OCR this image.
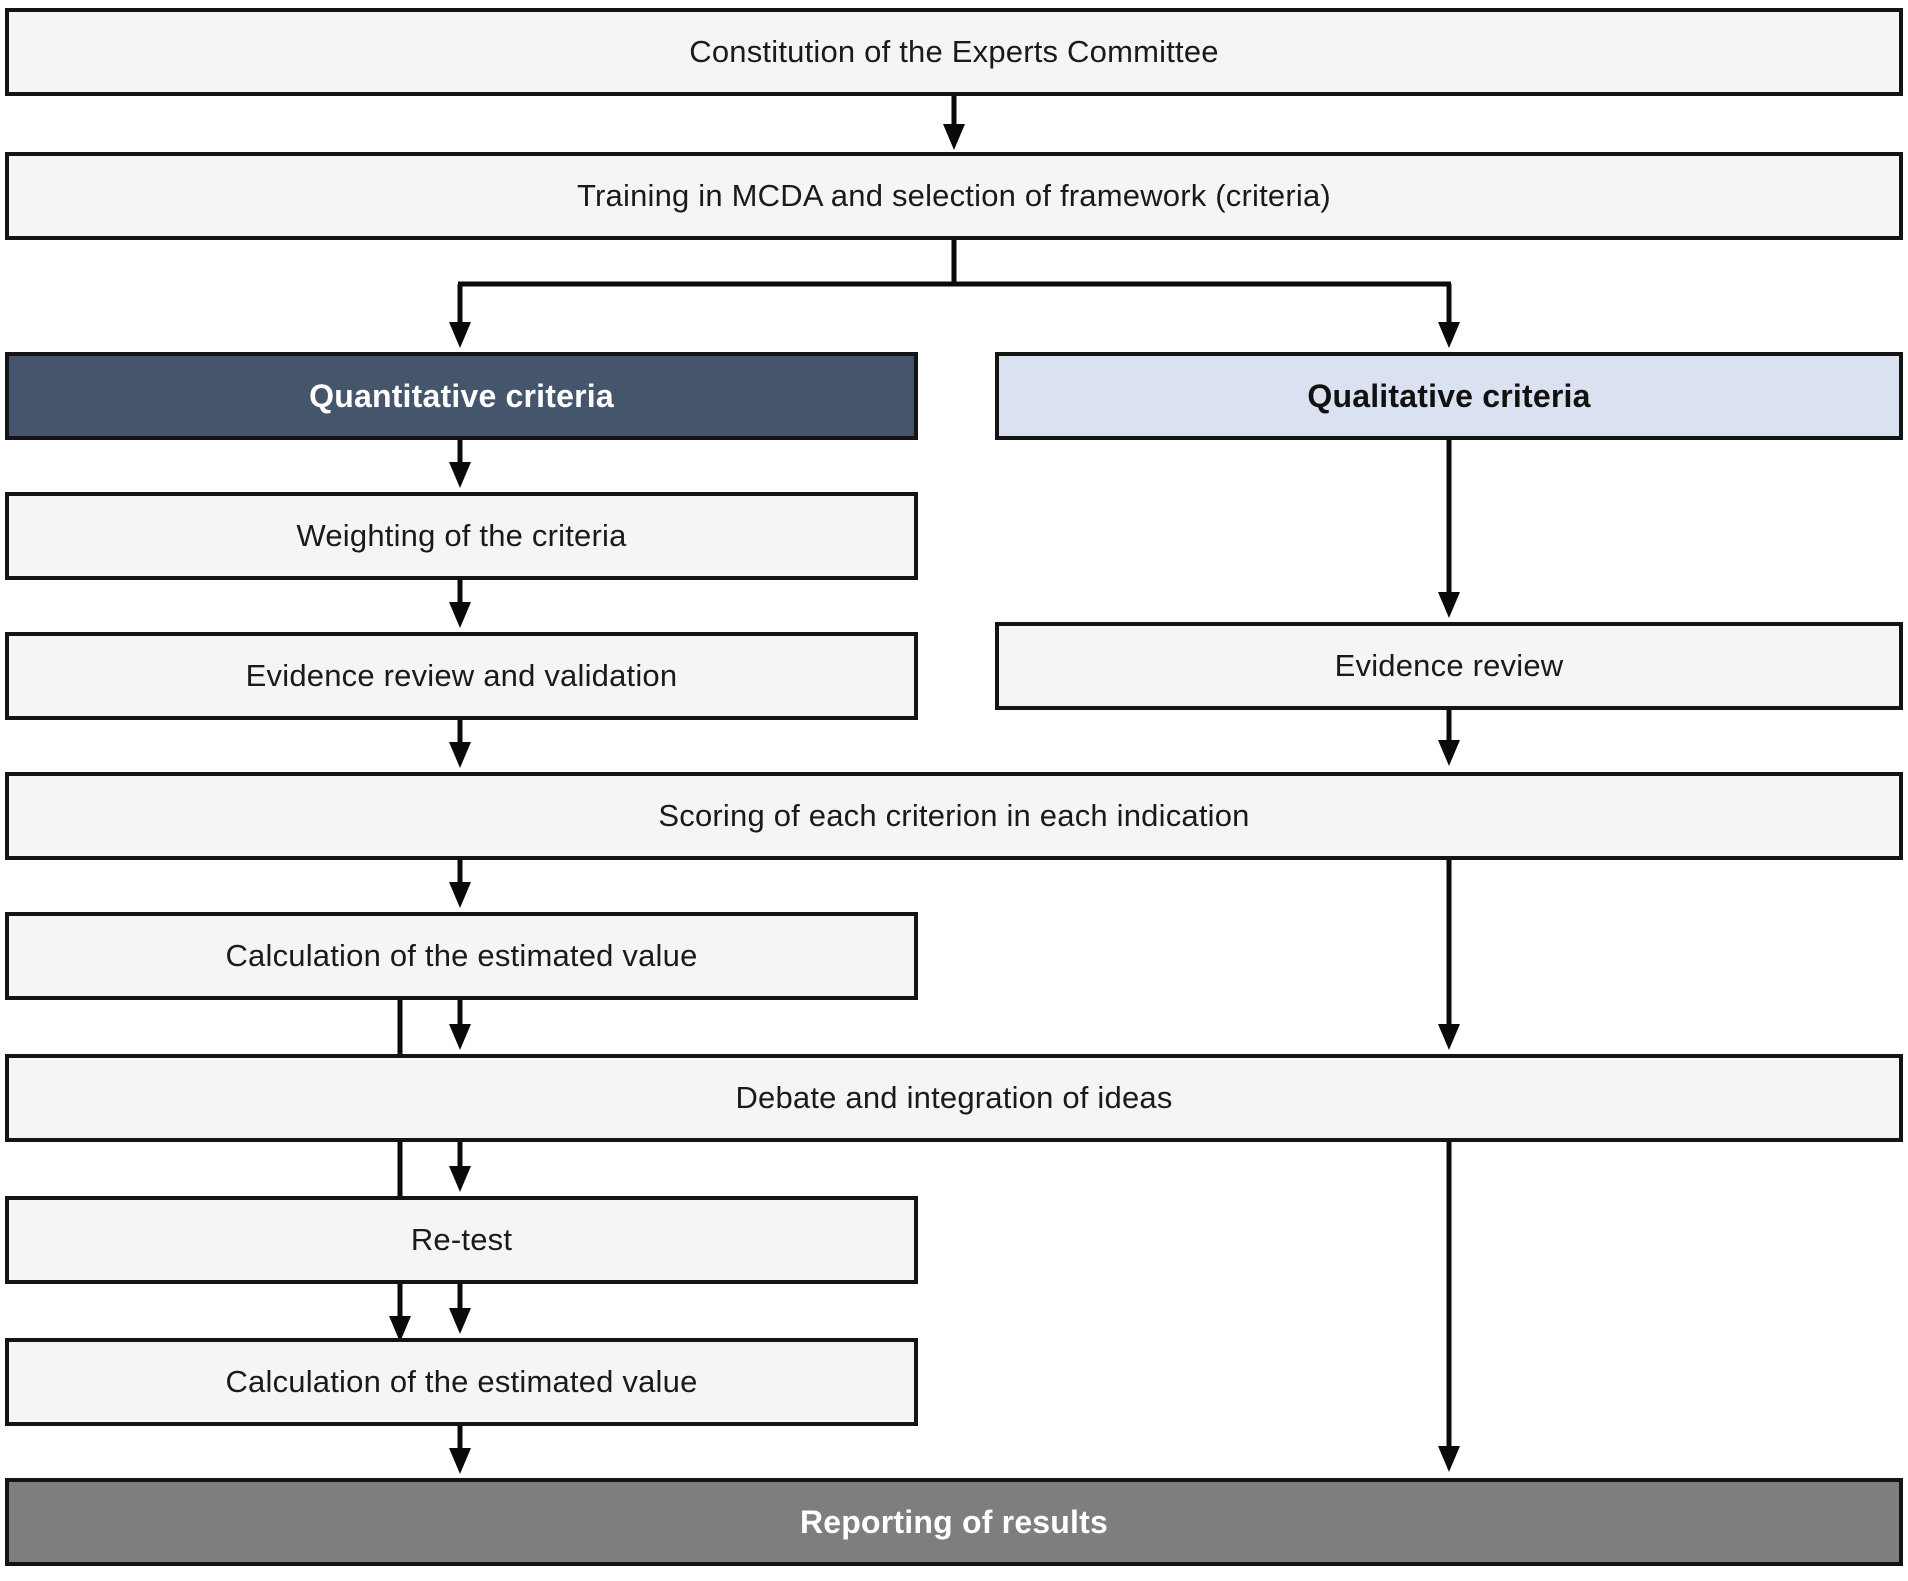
Constitution of the Experts Committee
Training in MCDA and selection of framework (criteria)
Quantitative criteria	Qualitative criteria
Weighting of the criteria
Evidence review and validation	Evidence review
Scoring of each criterion in each indication
Calculation of the estimated value
Debate and integration of ideas
Re-test
Calculation of the estimated value
Reporting of results
